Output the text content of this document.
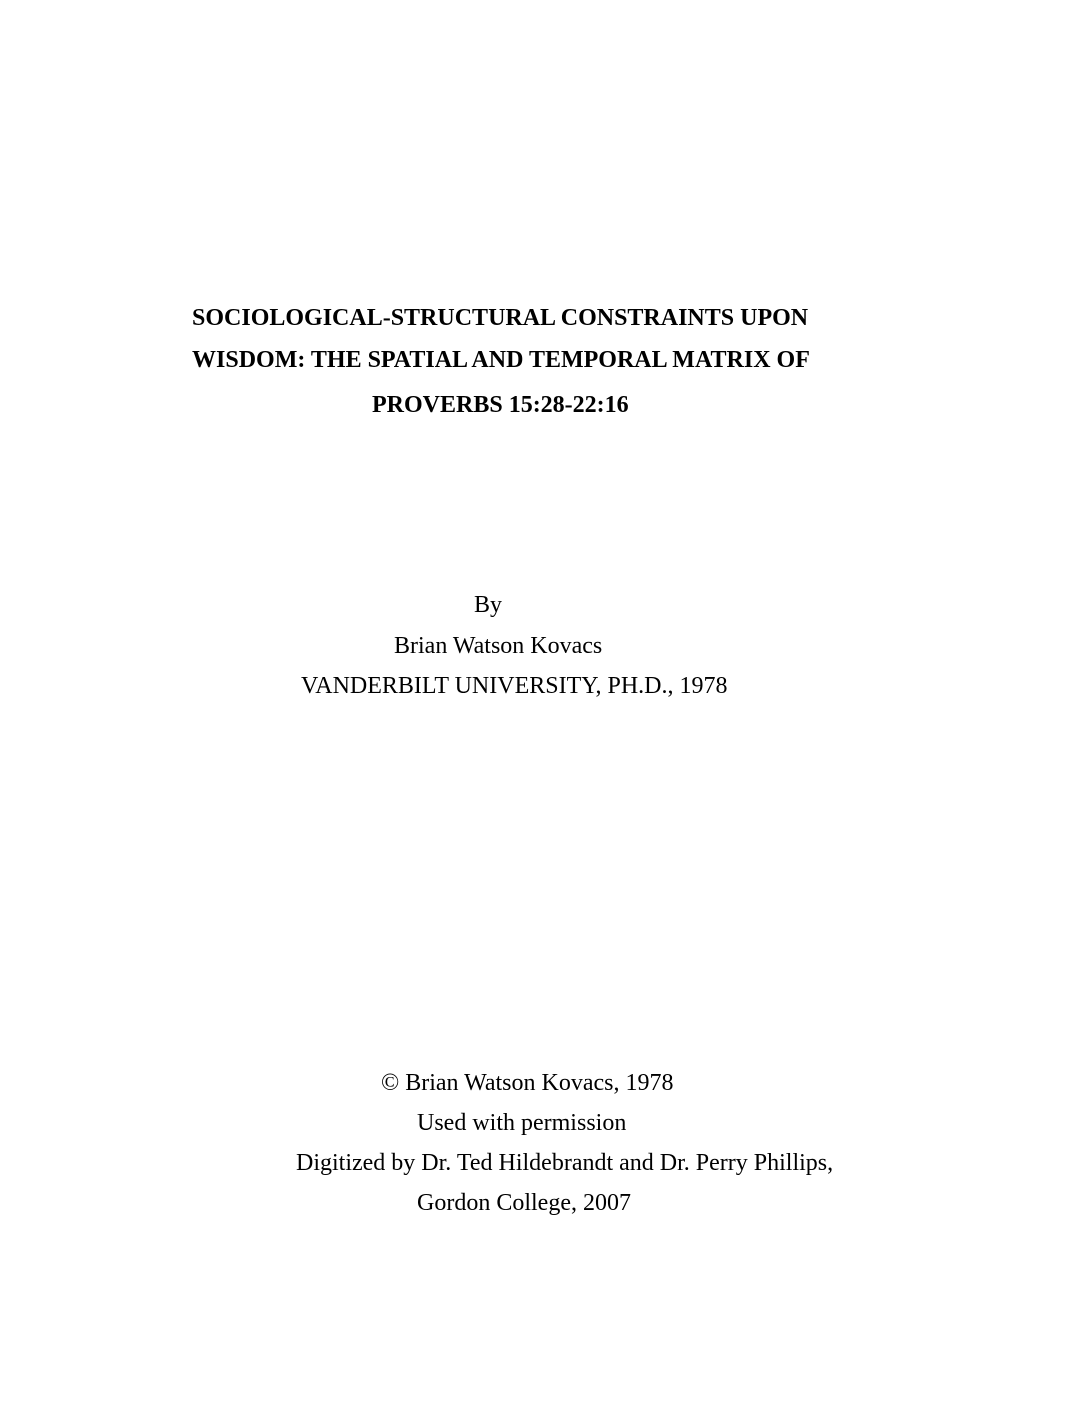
SOCIOLOGICAL-STRUCTURAL CONSTRAINTS UPON

WISDOM: THE SPATIAL AND TEMPORAL MATRIX OF

PROVERBS 15:28-22:16

By

Brian Watson Kovacs

VANDERBILT UNIVERSITY, PH.D., 1978

© Brian Watson Kovacs, 1978

Used with permission

Digitized by Dr. Ted Hildebrandt and Dr. Perry Phillips,

Gordon College, 2007
